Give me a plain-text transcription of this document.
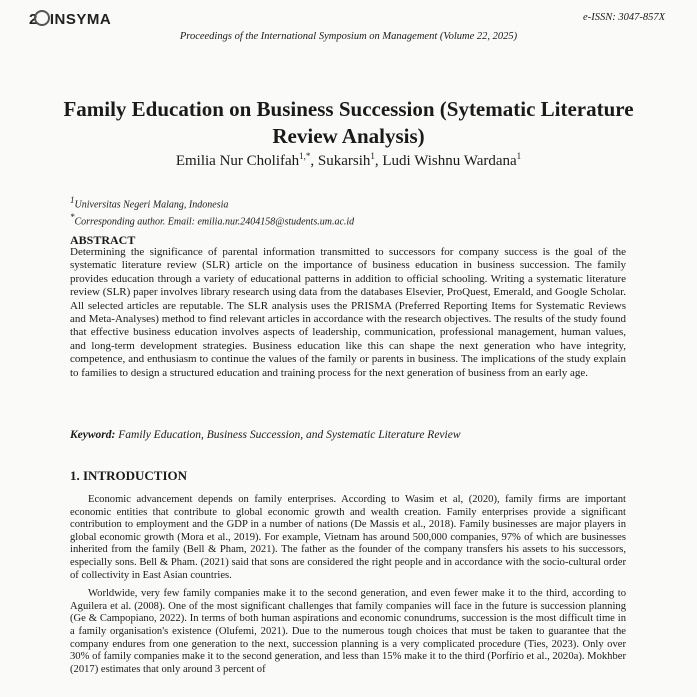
2 INSYMA	e-ISSN: 3047-857X
Proceedings of the International Symposium on Management (Volume 22, 2025)
Family Education on Business Succession (Sytematic Literature Review Analysis)
Emilia Nur Cholifah$^{1,*}$, Sukarsih$^1$, Ludi Wishnu Wardana$^1$
$^1$Universitas Negeri Malang, Indonesia
*Corresponding author. Email: emilia.nur.2404158@students.um.ac.id
ABSTRACT
Determining the significance of parental information transmitted to successors for company success is the goal of the systematic literature review (SLR) article on the importance of business education in business succession. The family provides education through a variety of educational patterns in addition to official schooling. Writing a systematic literature review (SLR) paper involves library research using data from the databases Elsevier, ProQuest, Emerald, and Google Scholar. All selected articles are reputable. The SLR analysis uses the PRISMA (Preferred Reporting Items for Systematic Reviews and Meta-Analyses) method to find relevant articles in accordance with the research objectives. The results of the study found that effective business education involves aspects of leadership, communication, professional management, human values, and long-term development strategies. Business education like this can shape the next generation who have integrity, competence, and enthusiasm to continue the values of the family or parents in business. The implications of the study explain to families to design a structured education and training process for the next generation of business from an early age.
Keyword: Family Education, Business Succession, and Systematic Literature Review
1. INTRODUCTION

Economic advancement depends on family enterprises. According to Wasim et al, (2020), family firms are important economic entities that contribute to global economic growth and wealth creation. Family enterprises provide a significant contribution to employment and the GDP in a number of nations (De Massis et al., 2018). Family businesses are major players in global economic growth (Mora et al., 2019). For example, Vietnam has around 500,000 companies, 97% of which are businesses inherited from the family (Bell & Pham, 2021). The father as the founder of the company transfers his assets to his successors, especially sons. Bell & Pham. (2021) said that sons are considered the right people and in accordance with the socio-cultural order of collectivity in East Asian countries.

Worldwide, very few family companies make it to the second generation, and even fewer make it to the third, according to Aguilera et al. (2008). One of the most significant challenges that family companies will face in the future is succession planning (Ge & Campopiano, 2022). In terms of both human aspirations and economic conundrums, succession is the most difficult time in a family organisation's existence (Olufemi, 2021). Due to the numerous tough choices that must be taken to guarantee that the company endures from one generation to the next, succession planning is a very complicated procedure (Ties, 2023). Only over 30% of family companies make it to the second generation, and less than 15% make it to the third (Porfírio et al., 2020a). Mokhber (2017) estimates that only around 3 percent of
